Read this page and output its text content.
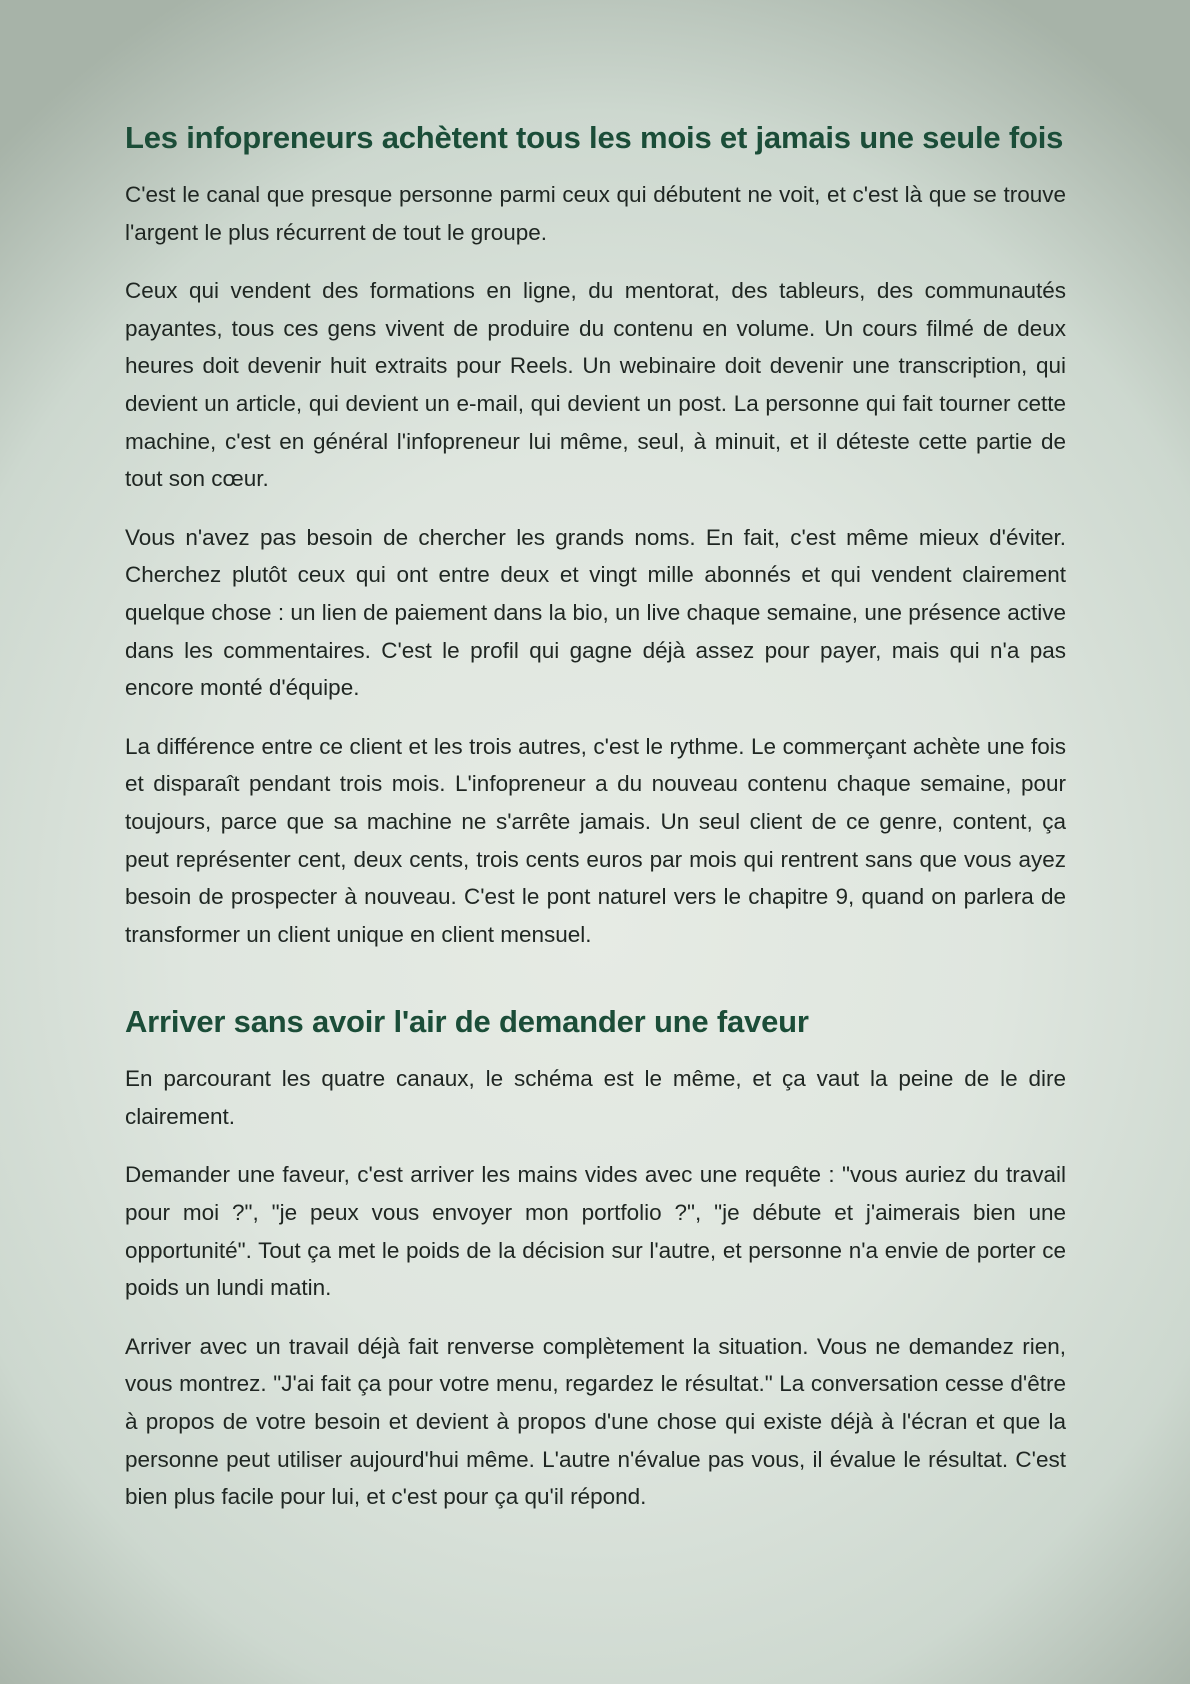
Les infopreneurs achètent tous les mois et jamais une seule fois

C'est le canal que presque personne parmi ceux qui débutent ne voit, et c'est là que se trouve l'argent le plus récurrent de tout le groupe.

Ceux qui vendent des formations en ligne, du mentorat, des tableurs, des communautés payantes, tous ces gens vivent de produire du contenu en volume. Un cours filmé de deux heures doit devenir huit extraits pour Reels. Un webinaire doit devenir une transcription, qui devient un article, qui devient un e-mail, qui devient un post. La personne qui fait tourner cette machine, c'est en général l'infopreneur lui même, seul, à minuit, et il déteste cette partie de tout son cœur.

Vous n'avez pas besoin de chercher les grands noms. En fait, c'est même mieux d'éviter. Cherchez plutôt ceux qui ont entre deux et vingt mille abonnés et qui vendent clairement quelque chose : un lien de paiement dans la bio, un live chaque semaine, une présence active dans les commentaires. C'est le profil qui gagne déjà assez pour payer, mais qui n'a pas encore monté d'équipe.

La différence entre ce client et les trois autres, c'est le rythme. Le commerçant achète une fois et disparaît pendant trois mois. L'infopreneur a du nouveau contenu chaque semaine, pour toujours, parce que sa machine ne s'arrête jamais. Un seul client de ce genre, content, ça peut représenter cent, deux cents, trois cents euros par mois qui rentrent sans que vous ayez besoin de prospecter à nouveau. C'est le pont naturel vers le chapitre 9, quand on parlera de transformer un client unique en client mensuel.

Arriver sans avoir l'air de demander une faveur

En parcourant les quatre canaux, le schéma est le même, et ça vaut la peine de le dire clairement.

Demander une faveur, c'est arriver les mains vides avec une requête : "vous auriez du travail pour moi ?", "je peux vous envoyer mon portfolio ?", "je débute et j'aimerais bien une opportunité". Tout ça met le poids de la décision sur l'autre, et personne n'a envie de porter ce poids un lundi matin.

Arriver avec un travail déjà fait renverse complètement la situation. Vous ne demandez rien, vous montrez. "J'ai fait ça pour votre menu, regardez le résultat." La conversation cesse d'être à propos de votre besoin et devient à propos d'une chose qui existe déjà à l'écran et que la personne peut utiliser aujourd'hui même. L'autre n'évalue pas vous, il évalue le résultat. C'est bien plus facile pour lui, et c'est pour ça qu'il répond.
